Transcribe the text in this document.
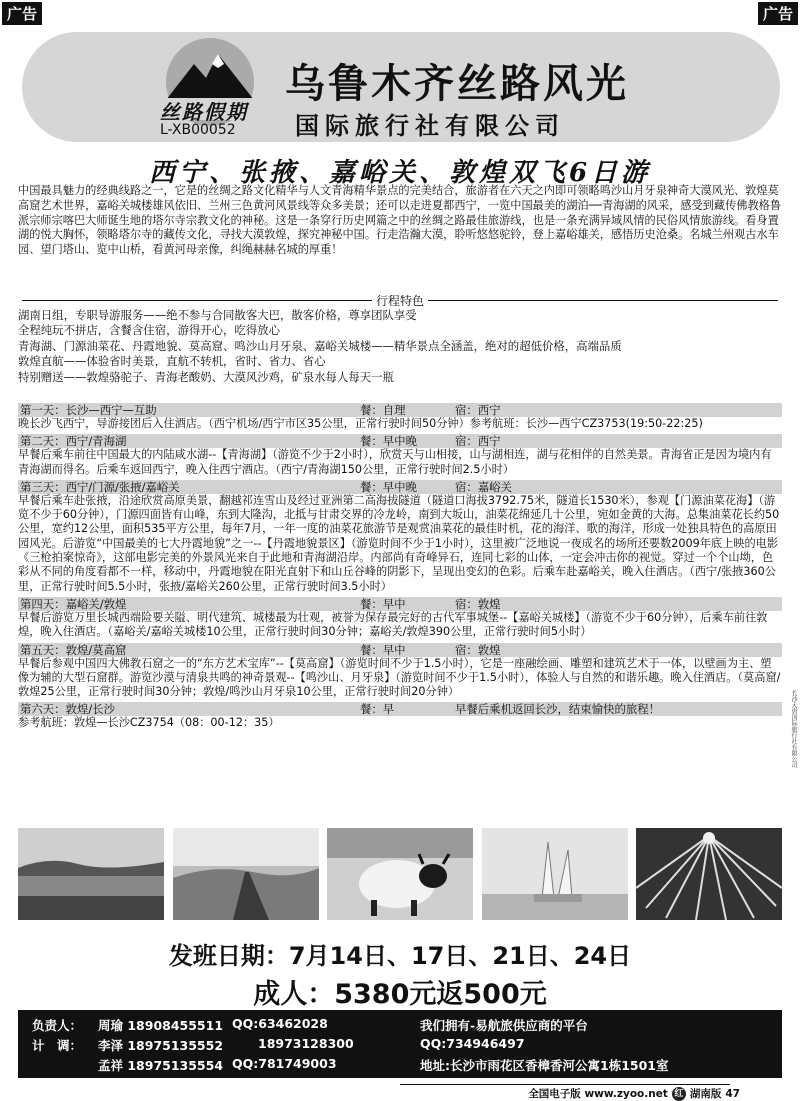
广告	广告
丝路假期
L-XB00052
乌鲁木齐丝路风光
国际旅行社有限公司
西宁、张掖、嘉峪关、敦煌双飞6日游
中国最具魅力的经典线路之一，它是的丝绸之路文化精华与人文青海精华景点的完美结合，旅游者在六天之内即可领略鸣沙山月牙泉神奇大漠风光、敦煌莫高窟艺术世界，嘉峪关城楼雄风依旧、兰州三色黄河风景线等众多美景；还可以走进夏都西宁，一览中国最美的湖泊──青海湖的风采，感受到藏传佛教格鲁派宗师宗喀巴大师诞生地的塔尔寺宗教文化的神秘。这是一条穿行历史网篇之中的丝绸之路最佳旅游线，也是一条充满异域风情的民俗风情旅游线。看身置湖的悦大胸怀，领略塔尔寺的藏传文化，寻找大漠敦煌，探究神秘中国。行走浩瀚大漠，聆听悠悠驼铃，登上嘉峪雄关，感悟历史沧桑。名城兰州观古水车园、望门塔山、览中山桥，看黄河母亲像，纠绳赫赫名城的厚重！
行程特色
湖南日组，专职导游服务——绝不参与合同散客大巴，散客价格，尊享团队享受
全程纯玩不拼店，含餐含住宿，游得开心，吃得放心
青海湖、门源油菜花、丹霞地貌、莫高窟、鸣沙山月牙泉、嘉峪关城楼——精华景点全涵盖，绝对的超低价格，高端品质
敦煌直航——体验省时美景，直航不转机，省时、省力、省心
特别赠送——敦煌骆驼子、青海老酸奶、大漠风沙鸡，矿泉水每人每天一瓶
第一天：长沙—西宁—互助	餐：自理	宿：西宁
晚长沙飞西宁，导游接团后入住酒店。（西宁机场/西宁市区35公里，正常行驶时间50分钟）参考航班：长沙—西宁CZ3753(19:50-22:25)
第二天：西宁/青海湖	餐：早中晚	宿：西宁
早餐后乘车前往中国最大的内陆咸水湖--【青海湖】（游览不少于2小时），欣赏天与山相接，山与湖相连，湖与花相伴的自然美景。青海省正是因为境内有青海湖而得名。后乘车返回西宁，晚入住西宁酒店。（西宁/青海湖150公里，正常行驶时间2.5小时）
第三天：西宁/门源/张掖/嘉峪关	餐：早中晚	宿：嘉峪关
早餐后乘车赴张掖，沿途欣赏高原美景，翻越祁连雪山及经过亚洲第二高海拔隧道（隧道口海拔3792.75米，隧道长1530米），参观【门源油菜花海】（游览不少于60分钟），门源四面皆有山峰，东到大隆沟，北抵与甘肃交界的冷龙岭，南到大坂山，油菜花绵延几十公里，宛如金黄的大海。总集油菜花长约50公里，宽约12公里，面积535平方公里，每年7月，一年一度的油菜花旅游节是观赏油菜花的最佳时机，花的海洋、歌的海洋，形成一处独具特色的高原田园风光。后游览“中国最美的七大丹霞地貌”之一--【丹霞地貌景区】（游览时间不少于1小时），这里被广泛地说一夜成名的场所还要数2009年底上映的电影《三枪拍案惊奇》，这部电影完美的外景风光来自于此地和青海湖沿岸。内部尚有奇峰异石，连同七彩的山体，一定会冲击你的视觉。穿过一个个山坳，色彩从不同的角度看都不一样，移动中，丹霞地貌在阳光直射下和山丘谷峰的阴影下，呈现出变幻的色彩。后乘车赴嘉峪关，晚入住酒店。（西宁/张掖360公里，正常行驶时间5.5小时，张掖/嘉峪关260公里，正常行驶时间3.5小时）
第四天：嘉峪关/敦煌	餐：早中	宿：敦煌
早餐后游览万里长城西端险要关隘、明代建筑、城楼最为壮观，被誉为保存最完好的古代军事城堡--【嘉峪关城楼】（游览不少于60分钟），后乘车前往敦煌，晚入住酒店。（嘉峪关/嘉峪关城楼10公里，正常行驶时间30分钟；嘉峪关/敦煌390公里，正常行驶时间5小时）
第五天：敦煌/莫高窟	餐：早中	宿：敦煌
早餐后参观中国四大佛教石窟之一的“东方艺术宝库”--【莫高窟】（游览时间不少于1.5小时），它是一座融绘画、雕塑和建筑艺术于一体，以壁画为主、塑像为辅的大型石窟群。游览沙漠与清泉共鸣的神奇景观--【鸣沙山、月牙泉】（游览时间不少于1.5小时），体验人与自然的和谐乐趣。晚入住酒店。（莫高窟/敦煌25公里，正常行驶时间30分钟；敦煌/鸣沙山月牙泉10公里，正常行驶时间20分钟）
第六天：敦煌/长沙	餐：早	早餐后乘机返回长沙，结束愉快的旅程！
参考航班：敦煌—长沙CZ3754（08：00-12：35）
发班日期：7月14日、17日、21日、24日
成人：5380元返500元
负责人： 周瑜 18908455511 QQ:63462028
计　调： 李泽 18975135552	18973128300
孟祥 18975135554 QQ:781749003
我们拥有-易航旅供应商的平台
QQ:734946497
地址:长沙市雨花区香樟香河公寓1栋1501室
全国电子版 www.zyoo.net 红 湖南版 47
长沙大唐国际旅行社有限公司
